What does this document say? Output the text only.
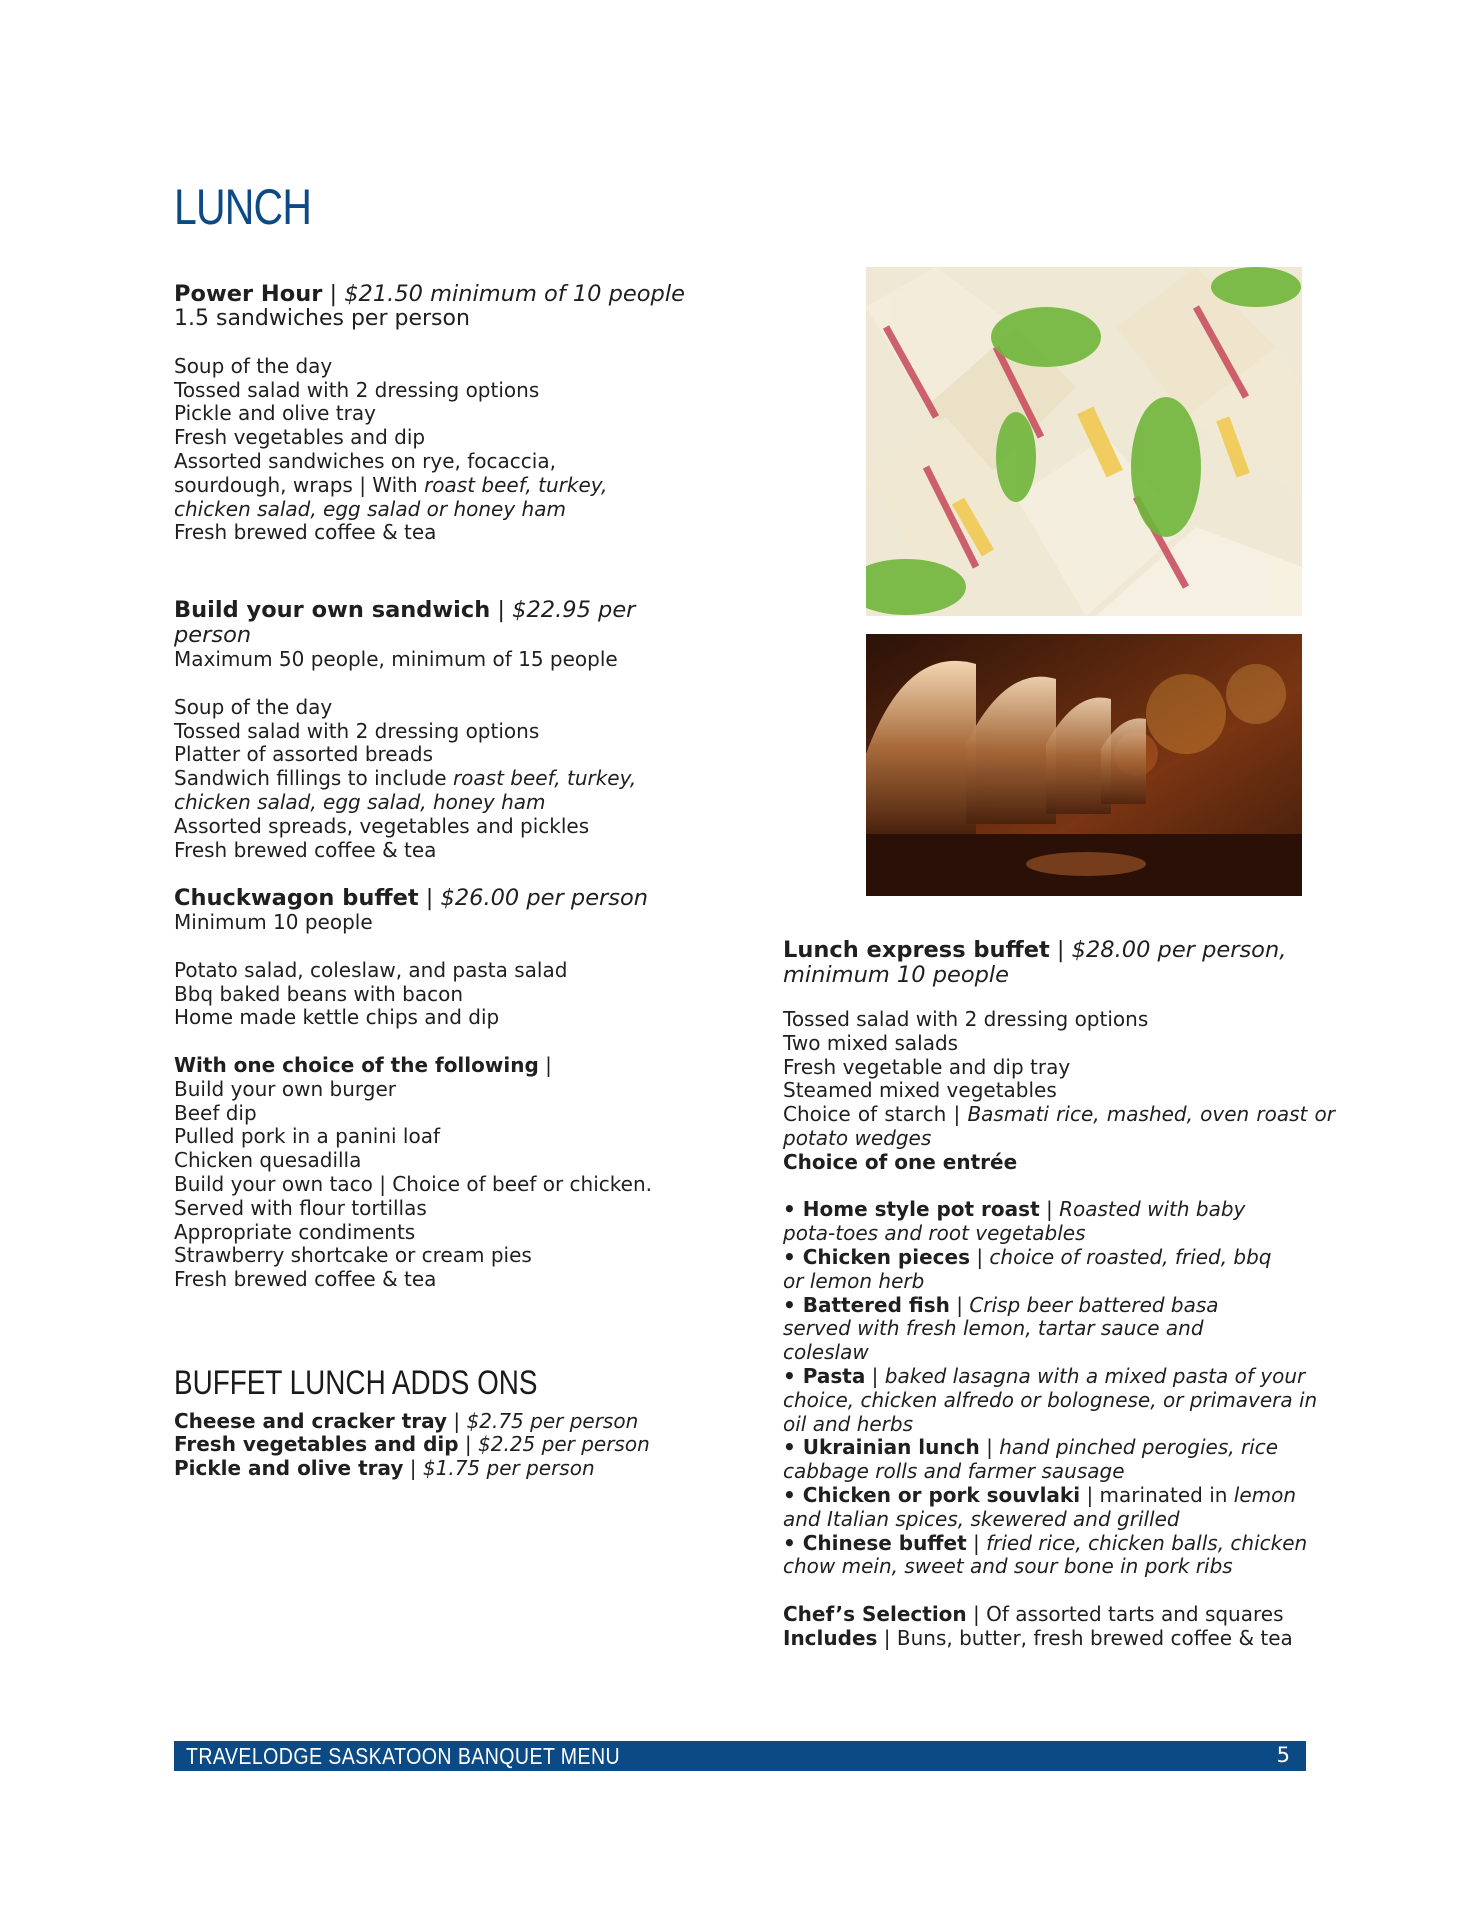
LUNCH
Power Hour | $21.50 minimum of 10 people
1.5 sandwiches per person
Soup of the day
Tossed salad with 2 dressing options
Pickle and olive tray
Fresh vegetables and dip
Assorted sandwiches on rye, focaccia, sourdough, wraps | With roast beef, turkey, chicken salad, egg salad or honey ham
Fresh brewed coffee & tea
Build your own sandwich | $22.95 per person
Maximum 50 people, minimum of 15 people
Soup of the day
Tossed salad with 2 dressing options
Platter of assorted breads
Sandwich fillings to include roast beef, turkey, chicken salad, egg salad, honey ham
Assorted spreads, vegetables and pickles
Fresh brewed coffee & tea
Chuckwagon buffet | $26.00 per person
Minimum 10 people
Potato salad, coleslaw, and pasta salad
Bbq baked beans with bacon
Home made kettle chips and dip
With one choice of the following |
Build your own burger
Beef dip
Pulled pork in a panini loaf
Chicken quesadilla
Build your own taco | Choice of beef or chicken.
Served with flour tortillas
Appropriate condiments
Strawberry shortcake or cream pies
Fresh brewed coffee & tea
BUFFET LUNCH ADDS ONS
Cheese and cracker tray | $2.75 per person
Fresh vegetables and dip | $2.25 per person
Pickle and olive tray | $1.75 per person
Lunch express buffet | $28.00 per person, minimum 10 people
Tossed salad with 2 dressing options
Two mixed salads
Fresh vegetable and dip tray
Steamed mixed vegetables
Choice of starch | Basmati rice, mashed, oven roast or potato wedges
Choice of one entrée
• Home style pot roast | Roasted with baby pota-toes and root vegetables
• Chicken pieces | choice of roasted, fried, bbq or lemon herb
• Battered fish | Crisp beer battered basa served with fresh lemon, tartar sauce and coleslaw
• Pasta | baked lasagna with a mixed pasta of your choice, chicken alfredo or bolognese, or primavera in oil and herbs
• Ukrainian lunch | hand pinched perogies, rice cabbage rolls and farmer sausage
• Chicken or pork souvlaki | marinated in lemon and Italian spices, skewered and grilled
• Chinese buffet | fried rice, chicken balls, chicken chow mein, sweet and sour bone in pork ribs
Chef’s Selection | Of assorted tarts and squares
Includes | Buns, butter, fresh brewed coffee & tea
TRAVELODGE SASKATOON BANQUET MENU	5
